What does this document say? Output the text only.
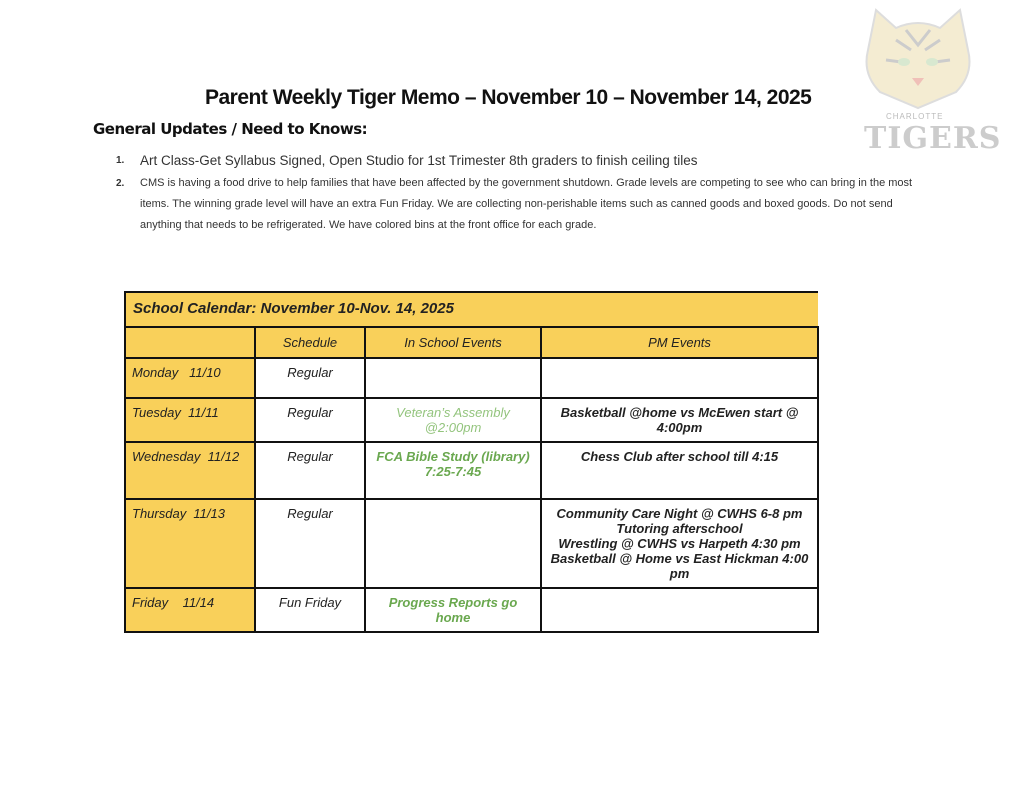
Parent Weekly Tiger Memo – November 10 – November 14, 2025
General Updates / Need to Knows:
1. Art Class-Get Syllabus Signed, Open Studio for 1st Trimester 8th graders to finish ceiling tiles
2. CMS is having a food drive to help families that have been affected by the government shutdown. Grade levels are competing to see who can bring in the most items. The winning grade level will have an extra Fun Friday. We are collecting non-perishable items such as canned goods and boxed goods. Do not send anything that needs to be refrigerated. We have colored bins at the front office for each grade.
CHARLOTTE
TIGERS
School Calendar: November 10-Nov. 14, 2025			
	Schedule	In School Events	PM Events
Monday   11/10	Regular		
Tuesday  11/11	Regular	Veteran’s Assembly @2:00pm	Basketball @home vs McEwen start @ 4:00pm
Wednesday  11/12	Regular	FCA Bible Study (library) 7:25-7:45	Chess Club after school till 4:15
Thursday  11/13	Regular		Community Care Night @ CWHS 6-8 pm
Tutoring afterschool
Wrestling @ CWHS vs Harpeth 4:30 pm
Basketball @ Home vs East Hickman 4:00 pm
Friday    11/14	Fun Friday	Progress Reports go home	
